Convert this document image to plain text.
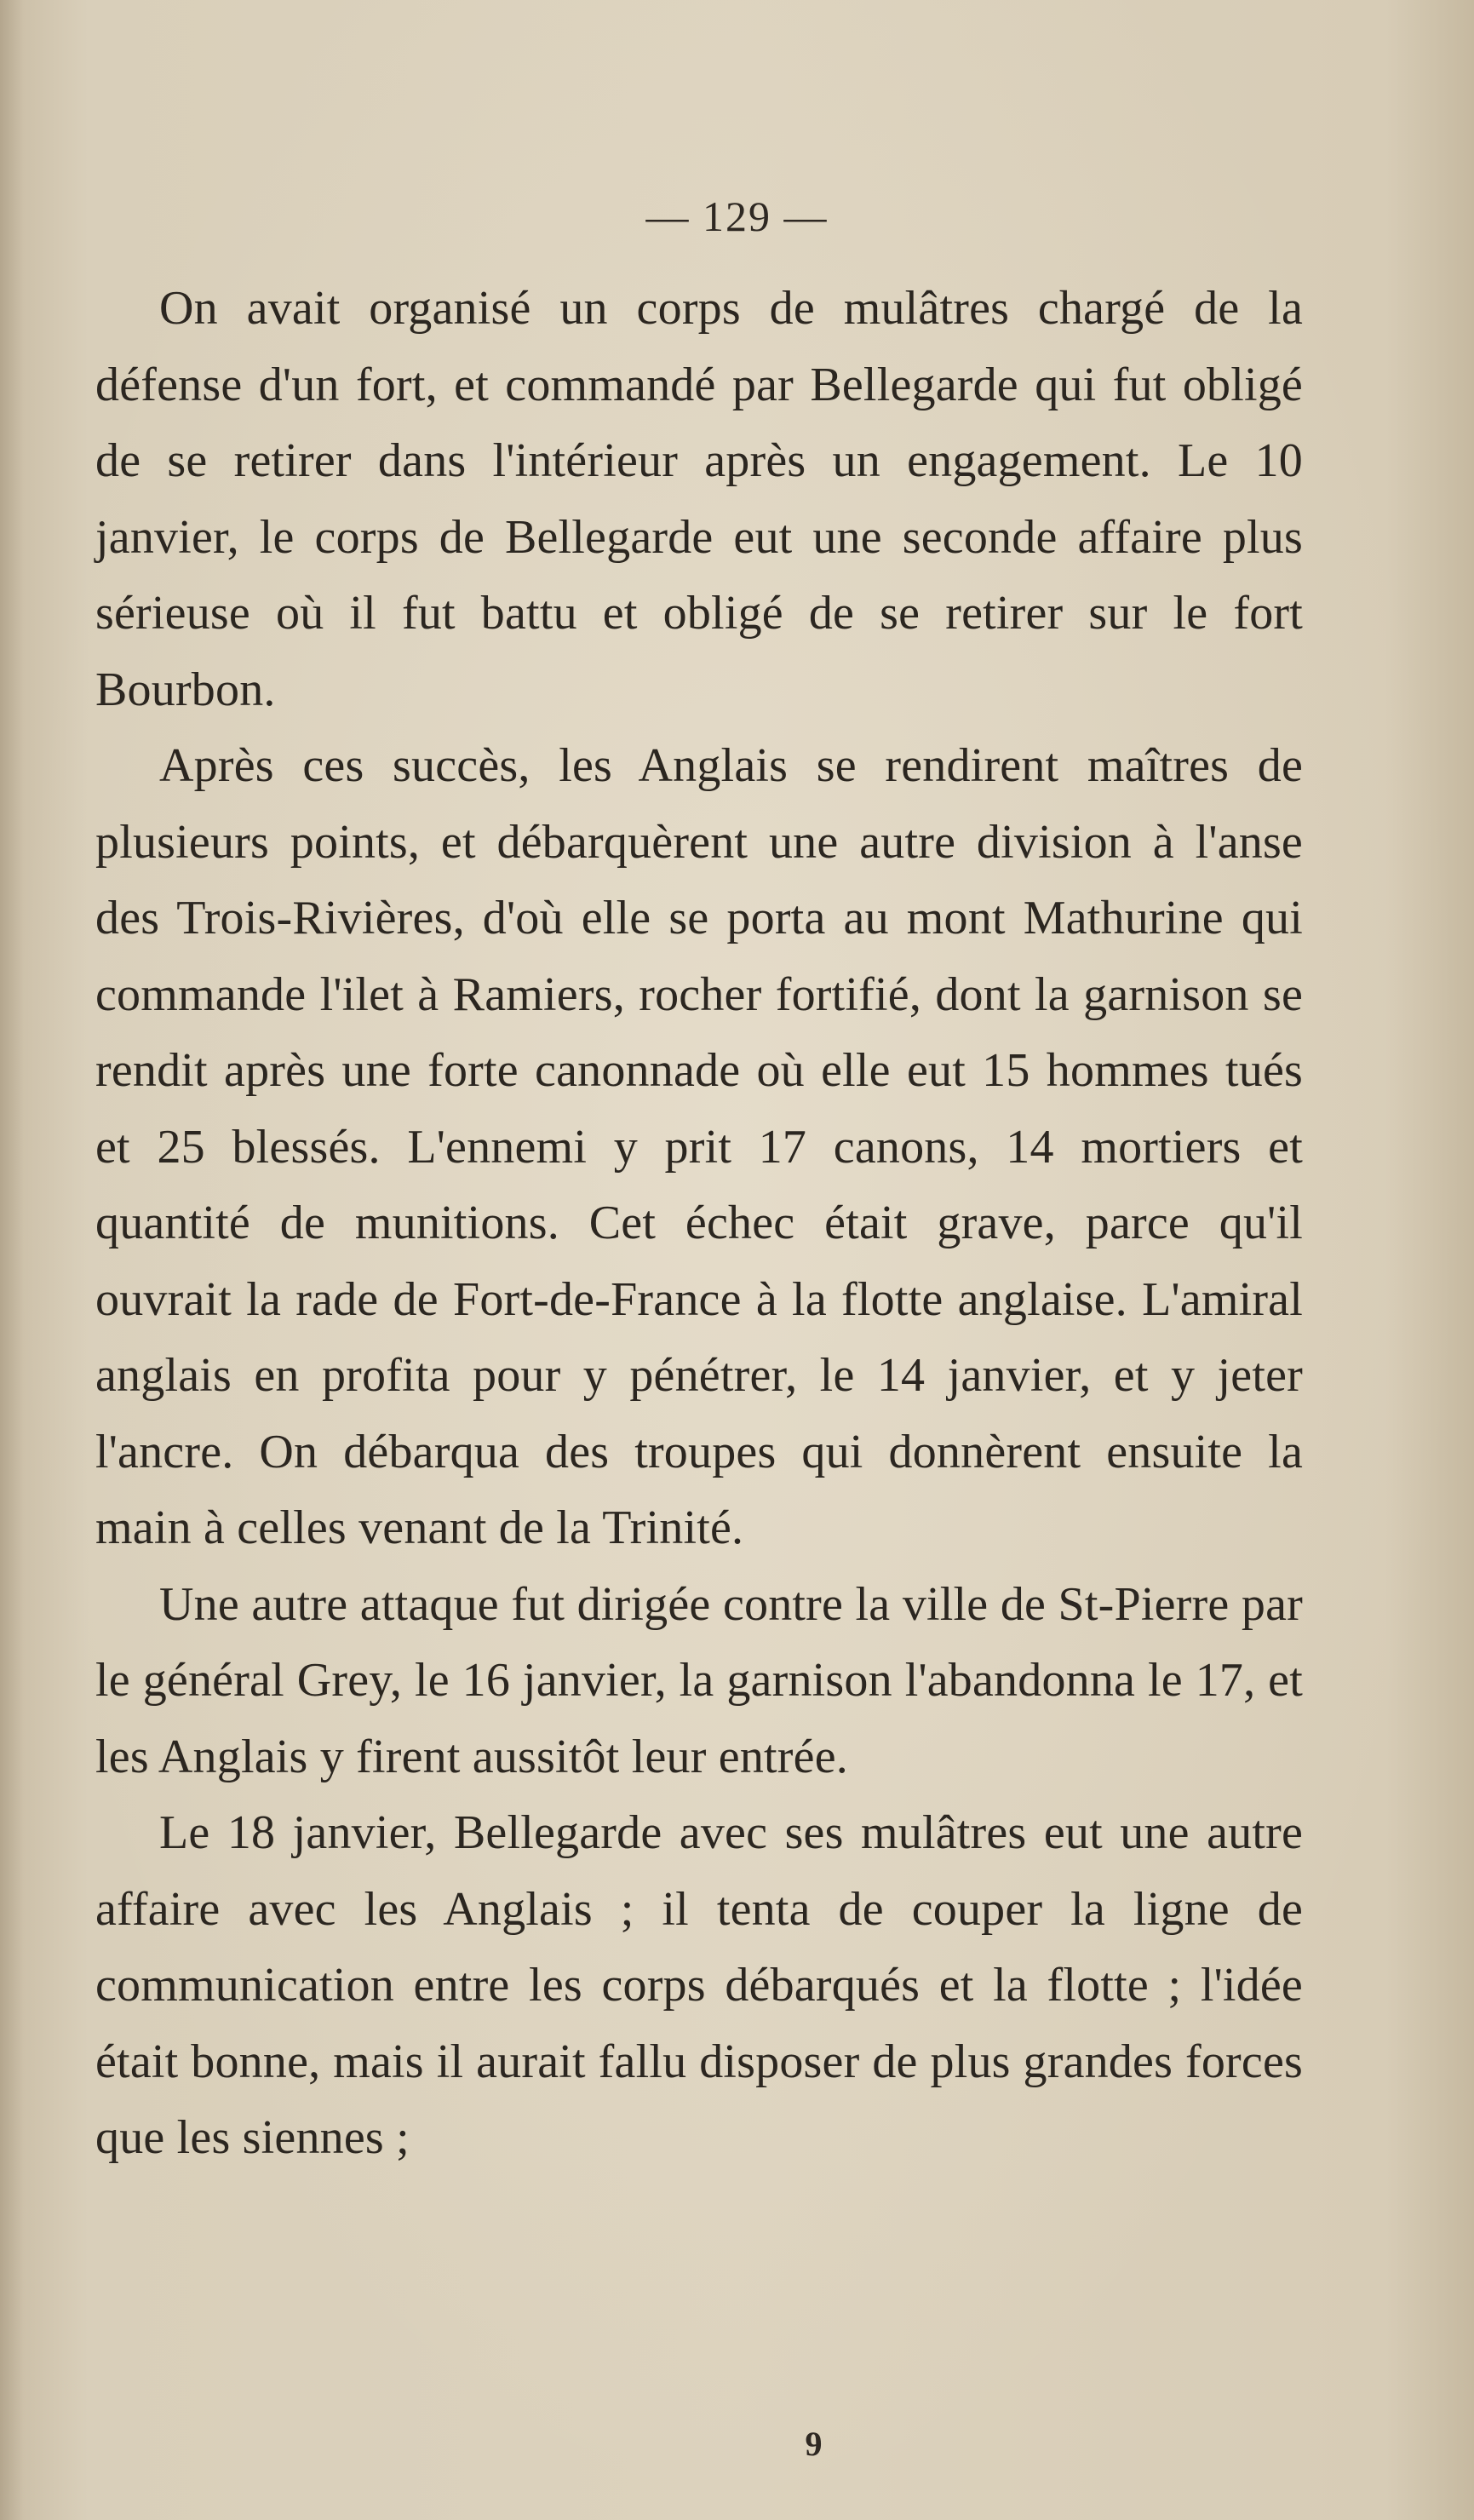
— 129 —

On avait organisé un corps de mulâtres chargé de la défense d'un fort, et commandé par Bellegarde qui fut obligé de se retirer dans l'intérieur après un engagement. Le 10 janvier, le corps de Bellegarde eut une seconde affaire plus sérieuse où il fut battu et obligé de se retirer sur le fort Bourbon.

Après ces succès, les Anglais se rendirent maîtres de plusieurs points, et débarquèrent une autre division à l'anse des Trois-Rivières, d'où elle se porta au mont Mathurine qui commande l'ilet à Ramiers, rocher fortifié, dont la garnison se rendit après une forte canonnade où elle eut 15 hommes tués et 25 blessés. L'ennemi y prit 17 canons, 14 mortiers et quantité de munitions. Cet échec était grave, parce qu'il ouvrait la rade de Fort-de-France à la flotte anglaise. L'amiral anglais en profita pour y pénétrer, le 14 janvier, et y jeter l'ancre. On débarqua des troupes qui donnèrent ensuite la main à celles venant de la Trinité.

Une autre attaque fut dirigée contre la ville de St-Pierre par le général Grey, le 16 janvier, la garnison l'abandonna le 17, et les Anglais y firent aussitôt leur entrée.

Le 18 janvier, Bellegarde avec ses mulâtres eut une autre affaire avec les Anglais ; il tenta de couper la ligne de communication entre les corps débarqués et la flotte ; l'idée était bonne, mais il aurait fallu disposer de plus grandes forces que les siennes ;

9
